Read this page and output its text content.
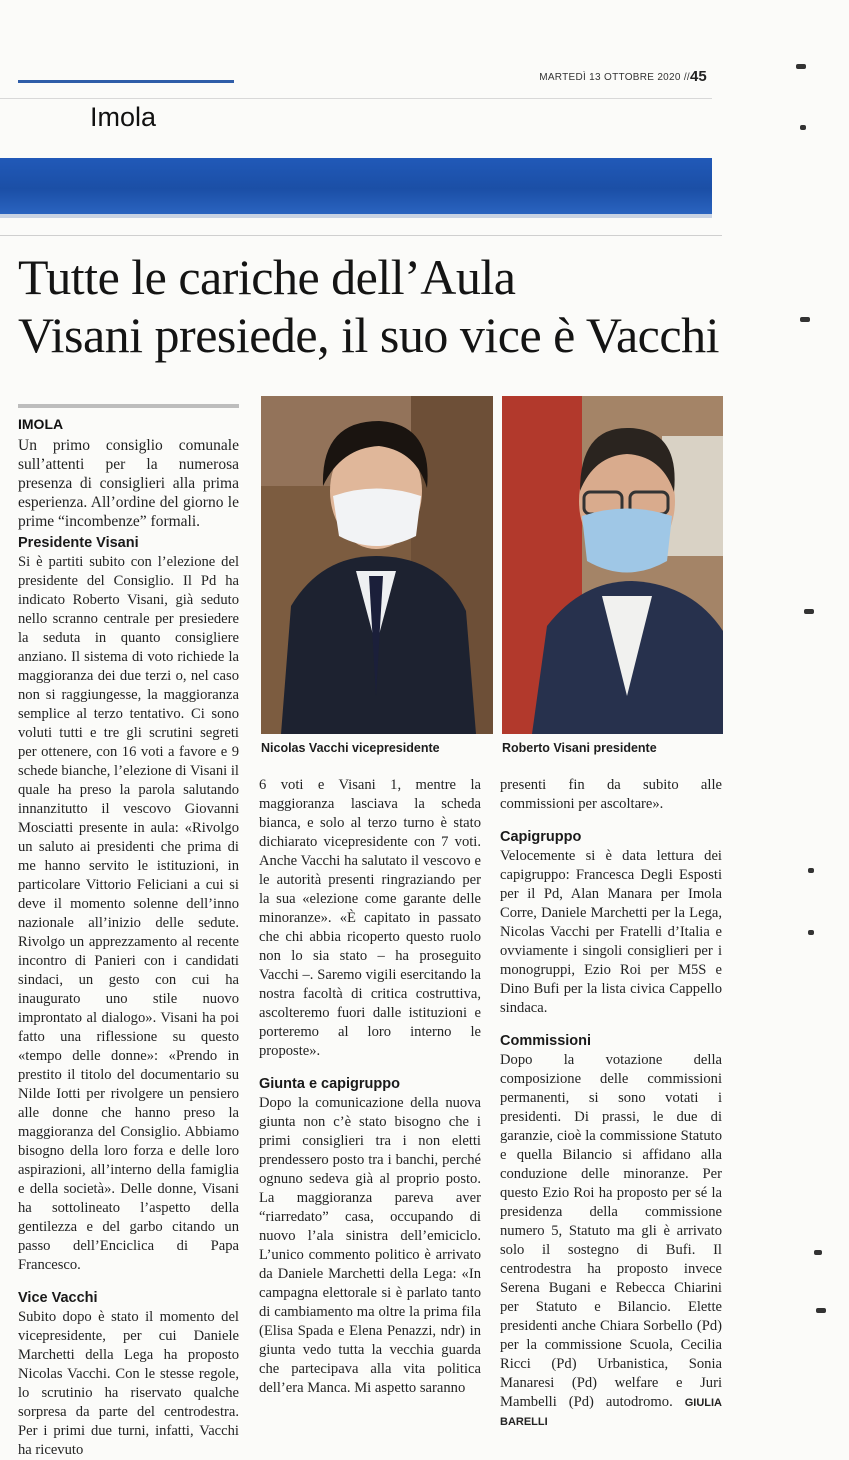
MARTEDÌ 13 OTTOBRE 2020 // 45
Imola
Tutte le cariche dell’Aula
Visani presiede, il suo vice è Vacchi
IMOLA

Un primo consiglio comunale sull’attenti per la numerosa presenza di consiglieri alla prima esperienza. All’ordine del giorno le prime “incombenze” formali.

Presidente Visani

Si è partiti subito con l’elezione del presidente del Consiglio. Il Pd ha indicato Roberto Visani, già seduto nello scranno centrale per presiedere la seduta in quanto consigliere anziano. Il sistema di voto richiede la maggioranza dei due terzi o, nel caso non si raggiungesse, la maggioranza semplice al terzo tentativo. Ci sono voluti tutti e tre gli scrutini segreti per ottenere, con 16 voti a favore e 9 schede bianche, l’elezione di Visani il quale ha preso la parola salutando innanzitutto il vescovo Giovanni Mosciatti presente in aula: «Rivolgo un saluto ai presidenti che prima di me hanno servito le istituzioni, in particolare Vittorio Feliciani a cui si deve il momento solenne dell’inno nazionale all’inizio delle sedute. Rivolgo un apprezzamento al recente incontro di Panieri con i candidati sindaci, un gesto con cui ha inaugurato uno stile nuovo improntato al dialogo». Visani ha poi fatto una riflessione su questo «tempo delle donne»: «Prendo in prestito il titolo del documentario su Nilde Iotti per rivolgere un pensiero alle donne che hanno preso la maggioranza del Consiglio. Abbiamo bisogno della loro forza e delle loro aspirazioni, all’interno della famiglia e della società». Delle donne, Visani ha sottolineato l’aspetto della gentilezza e del garbo citando un passo dell’Enciclica di Papa Francesco.

Vice Vacchi

Subito dopo è stato il momento del vicepresidente, per cui Daniele Marchetti della Lega ha proposto Nicolas Vacchi. Con le stesse regole, lo scrutinio ha riservato qualche sorpresa da parte del centrodestra. Per i primi due turni, infatti, Vacchi ha ricevuto

Nicolas Vacchi vicepresidente	Roberto Visani presidente

6 voti e Visani 1, mentre la maggioranza lasciava la scheda bianca, e solo al terzo turno è stato dichiarato vicepresidente con 7 voti. Anche Vacchi ha salutato il vescovo e le autorità presenti ringraziando per la sua «elezione come garante delle minoranze». «È capitato in passato che chi abbia ricoperto questo ruolo non lo sia stato – ha proseguito Vacchi –. Saremo vigili esercitando la nostra facoltà di critica costruttiva, ascolteremo fuori dalle istituzioni e porteremo al loro interno le proposte».

Giunta e capigruppo

Dopo la comunicazione della nuova giunta non c’è stato bisogno che i primi consiglieri tra i non eletti prendessero posto tra i banchi, perché ognuno sedeva già al proprio posto. La maggioranza pareva aver “riarredato” casa, occupando di nuovo l’ala sinistra dell’emiciclo. L’unico commento politico è arrivato da Daniele Marchetti della Lega: «In campagna elettorale si è parlato tanto di cambiamento ma oltre la prima fila (Elisa Spada e Elena Penazzi, ndr) in giunta vedo tutta la vecchia guarda che partecipava alla vita politica dell’era Manca. Mi aspetto saranno

presenti fin da subito alle commissioni per ascoltare».

Capigruppo

Velocemente si è data lettura dei capigruppo: Francesca Degli Esposti per il Pd, Alan Manara per Imola Corre, Daniele Marchetti per la Lega, Nicolas Vacchi per Fratelli d’Italia e ovviamente i singoli consiglieri per i monogruppi, Ezio Roi per M5S e Dino Bufi per la lista civica Cappello sindaca.

Commissioni

Dopo la votazione della composizione delle commissioni permanenti, si sono votati i presidenti. Di prassi, le due di garanzie, cioè la commissione Statuto e quella Bilancio si affidano alla conduzione delle minoranze. Per questo Ezio Roi ha proposto per sé la presidenza della commissione numero 5, Statuto ma gli è arrivato solo il sostegno di Bufi. Il centrodestra ha proposto invece Serena Bugani e Rebecca Chiarini per Statuto e Bilancio. Elette presidenti anche Chiara Sorbello (Pd) per la commissione Scuola, Cecilia Ricci (Pd) Urbanistica, Sonia Manaresi (Pd) welfare e Juri Mambelli (Pd) autodromo. GIULIA BARELLI
